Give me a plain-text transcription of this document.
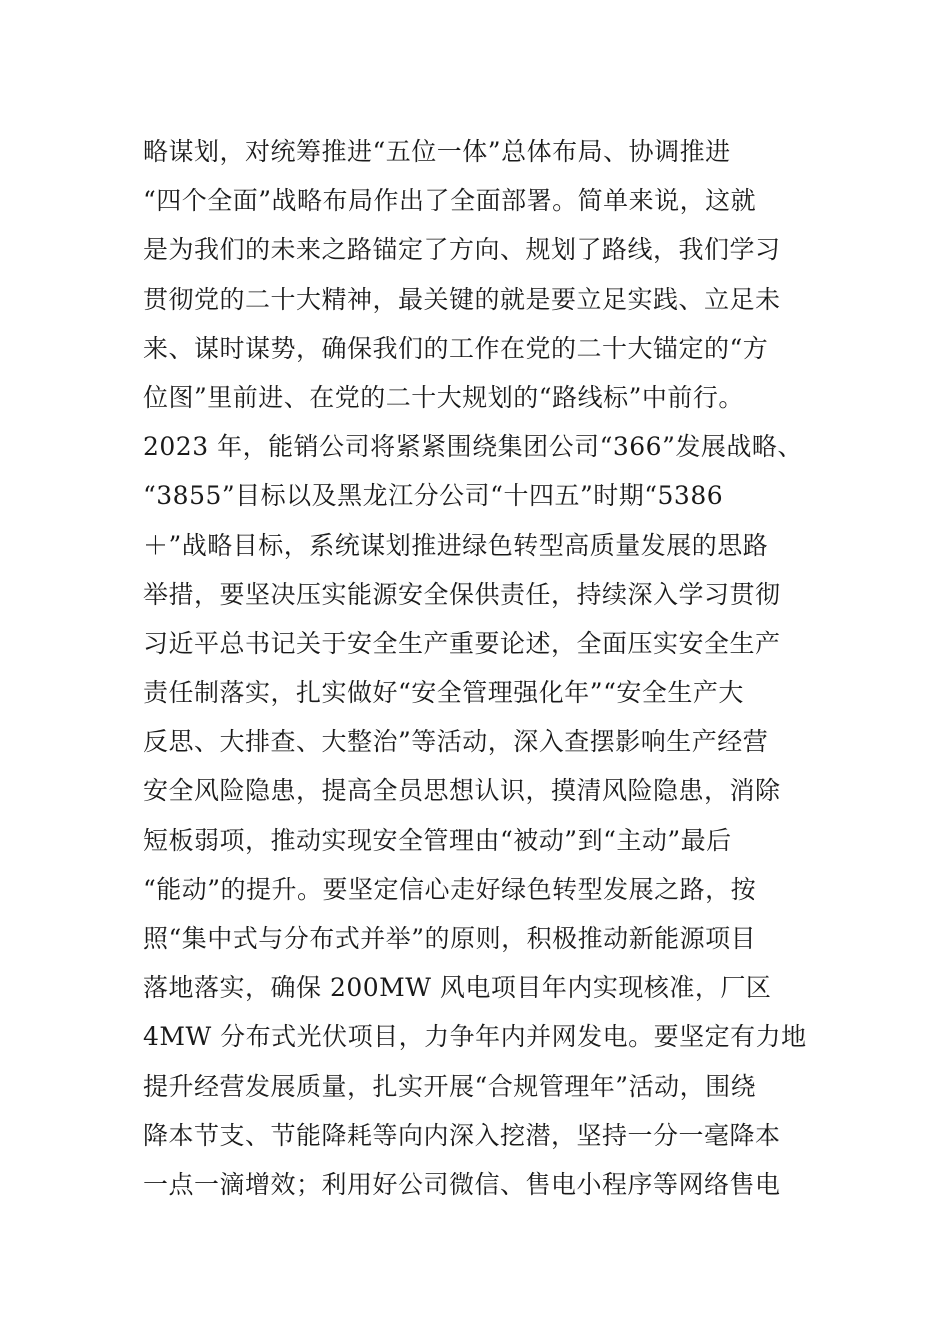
略谋划，对统筹推进“五位一体”总体布局、协调推进
“四个全面”战略布局作出了全面部署。简单来说，这就
是为我们的未来之路锚定了方向、规划了路线，我们学习
贯彻党的二十大精神，最关键的就是要立足实践、立足未
来、谋时谋势，确保我们的工作在党的二十大锚定的“方
位图”里前进、在党的二十大规划的“路线标”中前行。
2023 年，能销公司将紧紧围绕集团公司“366”发展战略、
“3855”目标以及黑龙江分公司“十四五”时期“5386
＋”战略目标，系统谋划推进绿色转型高质量发展的思路
举措，要坚决压实能源安全保供责任，持续深入学习贯彻
习近平总书记关于安全生产重要论述，全面压实安全生产
责任制落实，扎实做好“安全管理强化年”“安全生产大
反思、大排查、大整治”等活动，深入查摆影响生产经营
安全风险隐患，提高全员思想认识，摸清风险隐患，消除
短板弱项，推动实现安全管理由“被动”到“主动”最后
“能动”的提升。要坚定信心走好绿色转型发展之路，按
照“集中式与分布式并举”的原则，积极推动新能源项目
落地落实，确保 200MW 风电项目年内实现核准，厂区
4MW 分布式光伏项目，力争年内并网发电。要坚定有力地
提升经营发展质量，扎实开展“合规管理年”活动，围绕
降本节支、节能降耗等向内深入挖潜，坚持一分一毫降本
一点一滴增效；利用好公司微信、售电小程序等网络售电
